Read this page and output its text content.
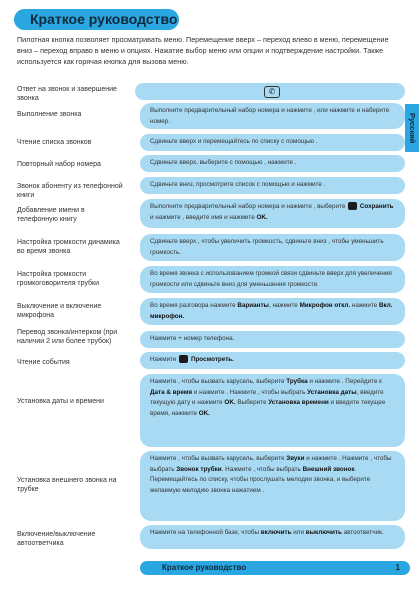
Краткое руководство
Пилотная кнопка позволяет просматривать меню. Перемещение вверх – переход влево в меню, перемещение вниз – переход вправо в меню и опциях. Нажатие выбор меню или опции и подтверждение настройки. Также используется как горячая кнопка для вызова меню.
Русский
Ответ на звонок и завершение звонка
Выполнение звонка
Чтение списка звонков
Повторный набор номера
Звонок абоненту из телефонной книги
Добавление имени в телефонную книгу
Настройка громкости динамика во время звонка
Настройка громкости громкоговорителя трубки
Выключение и включение микрофона
Перевод звонка/интерком (при наличии 2 или более трубок)
Чтение события
Установка даты и времени
Установка внешнего звонка на трубке
Включение/выключение автоответчика
✆
Выполните предварительный набор номера и нажмите , или нажмите и наберите номер.
Сдвиньте вверх и перемещайтесь по списку с помощью .
Сдвиньте вверх, выберите с помощью , нажмите .
Сдвиньте вниз, просмотрите список с помощью и нажмите .
Выполните предварительный набор номера и нажмите , выберите Сохранить и нажмите , введите имя и нажмите OK.
Сдвиньте вверх , чтобы увеличить громкость, сдвиньте вниз , чтобы уменьшить громкость.
Во время звонка с использованием громкой связи сдвиньте вверх для увеличения громкости или сдвиньте вниз для уменьшения громкости.
Во время разговора нажмите Варианты, нажмите Микрофон откл. нажмите Вкл. микрофон.
Нажмите + номер телефона.
Нажмите  Просмотреть.
Нажмите , чтобы вызвать карусель, выберите Трубка и нажмите . Перейдите к Дата & время и нажмите . Нажмите , чтобы выбрать Установка даты, введите текущую дату и нажмите OK. Выберите Установка времени и введите текущее время, нажмите OK.
Нажмите , чтобы вызвать карусель, выберите Звуки и нажмите . Нажмите , чтобы выбрать Звонок трубки. Нажмите , чтобы выбрать Внешний звонок. Перемещайтесь по списку, чтобы прослушать мелодии звонка, и выберите желаемую мелодию звонка нажатием .
Нажмите на телефонной базе, чтобы включить или выключить автоответчик.
Краткое руководство	1
